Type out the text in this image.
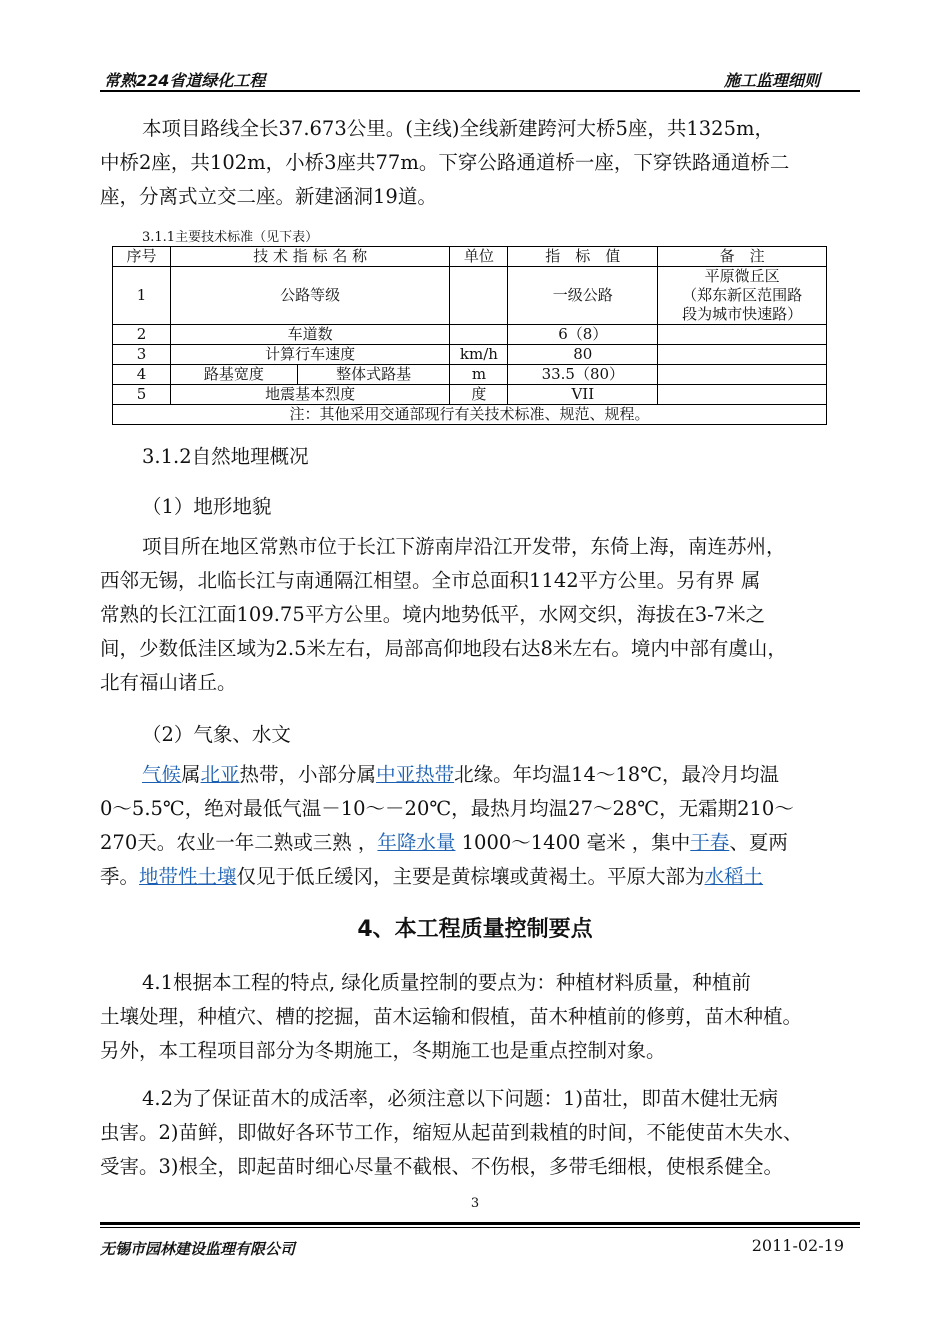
常熟224省道绿化工程	施工监理细则

本项目路线全长37.673公里。(主线)全线新建跨河大桥5座，共1325m，
中桥2座，共102m，小桥3座共77m。下穿公路通道桥一座，下穿铁路通道桥二
座，分离式立交二座。新建涵洞19道。

3.1.1主要技术标准（见下表）
序号	技 术 指 标 名 称		单位	指　标　值	备　注
1	公路等级			一级公路	平原微丘区
（郑东新区范围路
段为城市快速路）

2	车道数			6（8）	
3	计算行车速度		km/h	80	
4	路基宽度	整体式路基	m	33.5（80）	
5	地震基本烈度		度	VII	
注：其他采用交通部现行有关技术标准、规范、规程。					

3.1.2自然地理概况

（1）地形地貌

项目所在地区常熟市位于长江下游南岸沿江开发带，东倚上海，南连苏州，
西邻无锡，北临长江与南通隔江相望。全市总面积1142平方公里。另有界 属
常熟的长江江面109.75平方公里。境内地势低平，水网交织，海拔在3-7米之
间，少数低洼区域为2.5米左右，局部高仰地段右达8米左右。境内中部有虞山，
北有福山诸丘。

（2）气象、水文

气候属北亚热带，小部分属中亚热带北缘。年均温14～18℃，最冷月均温
0～5.5℃，绝对最低气温－10～－20℃，最热月均温27～28℃，无霜期210～
270天。农业一年二熟或三熟 ，年降水量 1000～1400 毫米 ，集中于春、夏两
季。地带性土壤仅见于低丘缓冈，主要是黄棕壤或黄褐土。平原大部为水稻土

4、本工程质量控制要点

4.1根据本工程的特点, 绿化质量控制的要点为：种植材料质量，种植前
土壤处理，种植穴、槽的挖掘，苗木运输和假植，苗木种植前的修剪，苗木种植。
另外，本工程项目部分为冬期施工，冬期施工也是重点控制对象。

4.2为了保证苗木的成活率，必须注意以下问题：1)苗壮，即苗木健壮无病
虫害。2)苗鲜，即做好各环节工作，缩短从起苗到栽植的时间，不能使苗木失水、
受害。3)根全，即起苗时细心尽量不截根、不伤根，多带毛细根，使根系健全。

3
无锡市园林建设监理有限公司	2011-02-19
